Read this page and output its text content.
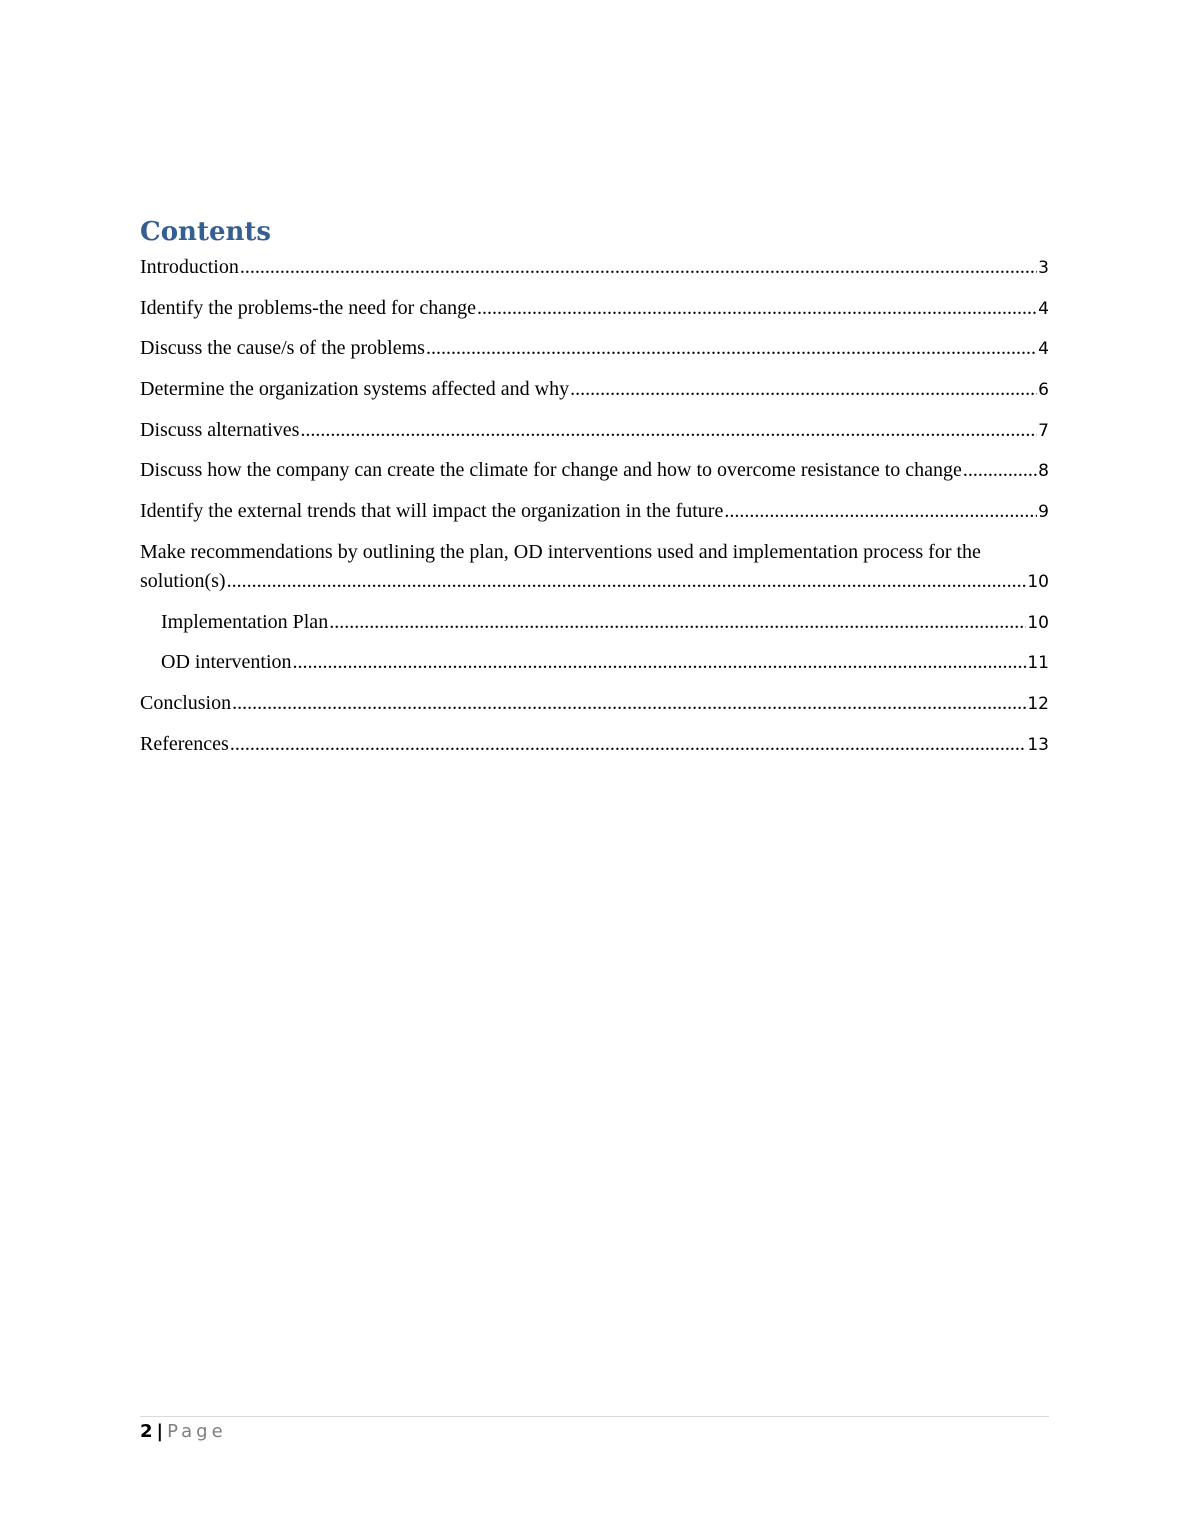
Contents
Introduction .....	3
Identify the problems-the need for change .....	4
Discuss the cause/s of the problems .....	4
Determine the organization systems affected and why .....	6
Discuss alternatives .....	7
Discuss how the company can create the climate for change and how to overcome resistance to change .....	8
Identify the external trends that will impact the organization in the future .....	9
Make recommendations by outlining the plan, OD interventions used and implementation process for the
solution(s) .....	10
Implementation Plan .....	10
OD intervention .....	11
Conclusion .....	12
References .....	13
2 | Page
